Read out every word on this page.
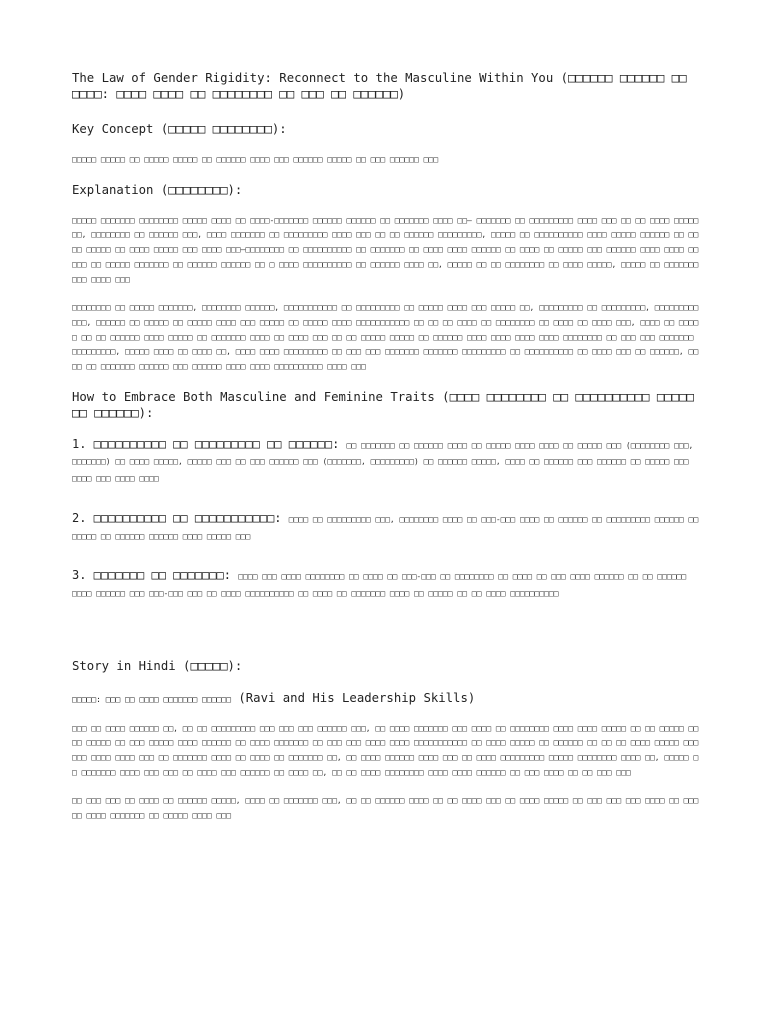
The Law of Gender Rigidity: Reconnect to the Masculine Within You (□□□□□□ □□□□□□ □□ □□□□: □□□□ □□□□ □□ □□□□□□□□ □□ □□□ □□ □□□□□□)
Key Concept (□□□□□ □□□□□□□□):
□□□□□ □□□□□ □□ □□□□□ □□□□□ □□ □□□□□□ □□□□ □□□ □□□□□□ □□□□□ □□ □□□ □□□□□□ □□□
Explanation (□□□□□□□□):
□□□□□ □□□□□□□ □□□□□□□□ □□□□□ □□□□ □□ □□□□-□□□□□□□ □□□□□□ □□□□□□ □□ □□□□□□□ □□□□ □□— □□□□□□□ □□ □□□□□□□□□ □□□□ □□□ □□ □□ □□□□ □□□□□□□, □□□□□□□□ □□ □□□□□□ □□□, □□□□ □□□□□□□ □□ □□□□□□□□□ □□□□ □□□ □□ □□ □□□□□□ □□□□□□□□□, □□□□□ □□ □□□□□□□□□□ □□□□ □□□□□ □□□□□□ □□ □□ □□ □□□□□ □□ □□□□ □□□□□ □□□ □□□□ □□□—□□□□□□□□ □□ □□□□□□□□□□ □□ □□□□□□□ □□ □□□□ □□□□ □□□□□□ □□ □□□□ □□ □□□□□ □□□ □□□□□□ □□□□ □□□□ □□ □□□ □□ □□□□□ □□□□□□□ □□ □□□□□□ □□□□□□ □□ □ □□□□ □□□□□□□□□□ □□ □□□□□□ □□□□ □□, □□□□□ □□ □□ □□□□□□□□ □□ □□□□ □□□□□, □□□□□ □□ □□□□□□□ □□□ □□□□ □□□
□□□□□□□□ □□ □□□□□ □□□□□□□, □□□□□□□□ □□□□□□, □□□□□□□□□□□ □□ □□□□□□□□□ □□ □□□□□ □□□□ □□□ □□□□□ □□, □□□□□□□□□ □□ □□□□□□□□□, □□□□□□□□□ □□□, □□□□□□ □□ □□□□□ □□ □□□□□ □□□□ □□□ □□□□□ □□ □□□□□ □□□□ □□□□□□□□□□□ □□ □□ □□ □□□□ □□ □□□□□□□□ □□ □□□□ □□ □□□□ □□□, □□□□ □□ □□□□□ □□ □□ □□□□□□ □□□□ □□□□□ □□ □□□□□□□ □□□□ □□ □□□□ □□□ □□ □□ □□□□□ □□□□□ □□ □□□□□□ □□□□ □□□□ □□□□ □□□□ □□□□□□□□ □□ □□□ □□□ □□□□□□□ □□□□□□□□□, □□□□□ □□□□ □□ □□□□ □□, □□□□ □□□□ □□□□□□□□□ □□ □□□ □□□ □□□□□□□ □□□□□□□ □□□□□□□□□ □□ □□□□□□□□□□ □□ □□□□ □□□ □□ □□□□□□, □□□□ □□ □□□□□□□ □□□□□□ □□□ □□□□□□ □□□□ □□□□ □□□□□□□□□□ □□□□ □□□
How to Embrace Both Masculine and Feminine Traits (□□□□ □□□□□□□□ □□ □□□□□□□□□□ □□□□□ □□ □□□□□□):
1. □□□□□□□□□□ □□ □□□□□□□□□ □□ □□□□□□: □□ □□□□□□□ □□ □□□□□□ □□□□ □□ □□□□□ □□□□ □□□□ □□ □□□□□ □□□ (□□□□□□□□ □□□, □□□□□□□) □□ □□□□ □□□□□, □□□□□ □□□ □□ □□□ □□□□□□ □□□ (□□□□□□□, □□□□□□□□□) □□ □□□□□□ □□□□□, □□□□ □□ □□□□□□ □□□ □□□□□□ □□ □□□□□ □□□ □□□□ □□□ □□□□ □□□□
2. □□□□□□□□□□ □□ □□□□□□□□□□□: □□□□ □□ □□□□□□□□□ □□□, □□□□□□□□ □□□□ □□ □□□-□□□ □□□□ □□ □□□□□□ □□ □□□□□□□□□ □□□□□□ □□ □□□□□ □□ □□□□□□ □□□□□□ □□□□ □□□□□ □□□
3. □□□□□□□ □□ □□□□□□□: □□□□ □□□ □□□□ □□□□□□□□ □□ □□□□ □□ □□□-□□□ □□ □□□□□□□□ □□ □□□□ □□ □□□ □□□□ □□□□□□ □□ □□ □□□□□□ □□□□ □□□□□□ □□□ □□□-□□□ □□□ □□ □□□□ □□□□□□□□□□ □□ □□□□ □□ □□□□□□□ □□□□ □□ □□□□□ □□ □□ □□□□ □□□□□□□□□□
Story in Hindi (□□□□□):
□□□□□: □□□ □□ □□□□ □□□□□□□ □□□□□□ (Ravi and His Leadership Skills)
□□□ □□ □□□□ □□□□□□ □□, □□ □□ □□□□□□□□□ □□□ □□□ □□□ □□□□□□ □□□, □□ □□□□ □□□□□□□ □□□ □□□□ □□ □□□□□□□□ □□□□ □□□□ □□□□□ □□ □□ □□□□□ □□ □□ □□□□□ □□ □□□ □□□□□ □□□□ □□□□□□ □□ □□□□ □□□□□□□ □□ □□□ □□□ □□□□ □□□□ □□□□□□□□□□□ □□ □□□□ □□□□□ □□ □□□□□□ □□ □□ □□ □□□□ □□□□□ □□□□□□ □□□□ □□□□ □□□ □□ □□□□□□□ □□□□ □□ □□□□ □□ □□□□□□□ □□, □□ □□□□ □□□□□□ □□□□ □□□ □□ □□□□ □□□□□□□□□ □□□□□ □□□□□□□□ □□□□ □□, □□□□□ □□ □□□□□□□ □□□□ □□□ □□□ □□ □□□□ □□□ □□□□□□ □□ □□□□ □□, □□ □□ □□□□ □□□□□□□□ □□□□ □□□□ □□□□□□ □□ □□□ □□□□ □□ □□ □□□ □□□
□□ □□□ □□□ □□ □□□□ □□ □□□□□□ □□□□□, □□□□ □□ □□□□□□□ □□□, □□ □□ □□□□□□ □□□□ □□ □□ □□□□ □□□ □□ □□□□ □□□□□ □□ □□□ □□□ □□□ □□□□ □□ □□□ □□ □□□□ □□□□□□□ □□ □□□□□ □□□□ □□□
